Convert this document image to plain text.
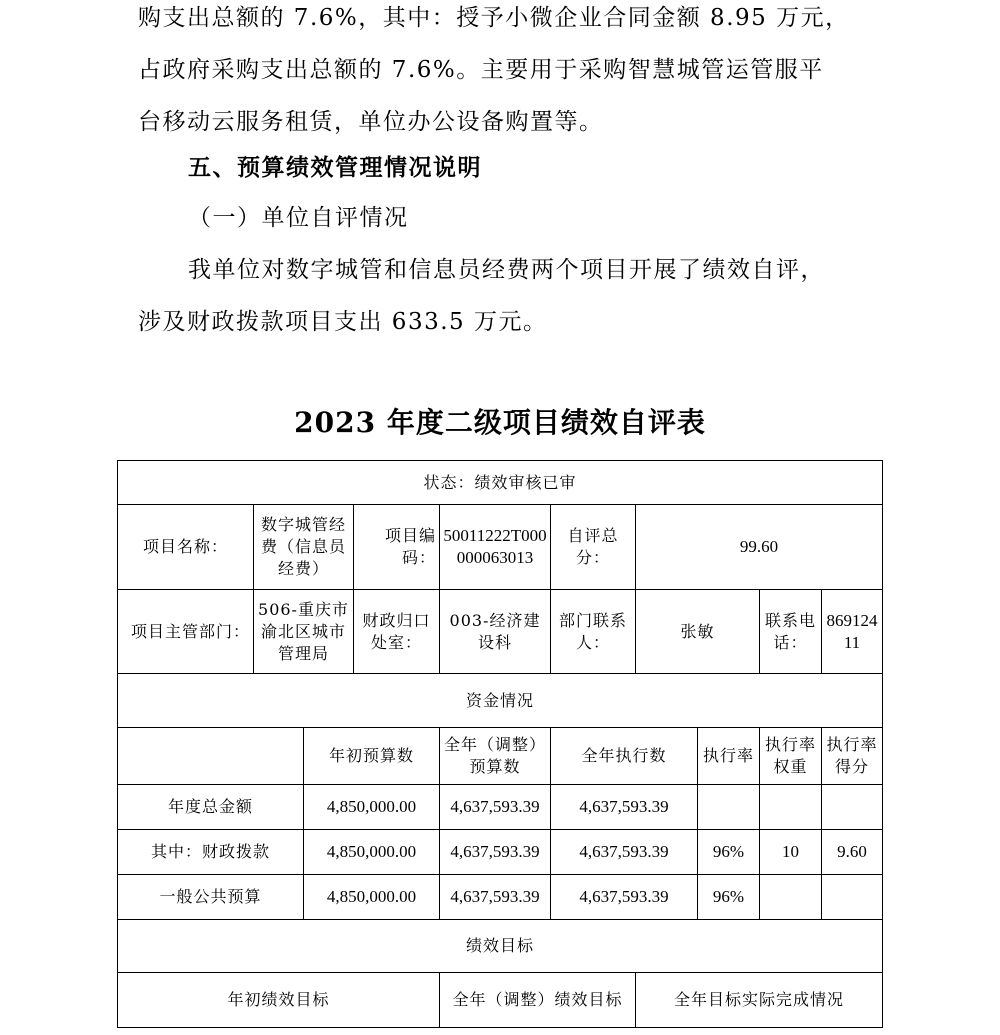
购支出总额的 7.6%，其中：授予小微企业合同金额 8.95 万元，
占政府采购支出总额的 7.6%。主要用于采购智慧城管运管服平
台移动云服务租赁，单位办公设备购置等。

五、预算绩效管理情况说明

（一）单位自评情况

我单位对数字城管和信息员经费两个项目开展了绩效自评，
涉及财政拨款项目支出 633.5 万元。

2023 年度二级项目绩效自评表
状态：绩效审核已审									
项目名称：	数字城管经费（信息员经费）		项目编码：	50011222T000000063013	自评总分：	99.60			
项目主管部门：	506-重庆市渝北区城市管理局		财政归口处室：	003-经济建设科	部门联系人：	张敏		联系电话：	86912411
资金情况									
		年初预算数		全年（调整）预算数	全年执行数		执行率	执行率权重	执行率得分
年度总金额		4,850,000.00		4,637,593.39	4,637,593.39				
其中：财政拨款		4,850,000.00		4,637,593.39	4,637,593.39		96%	10	9.60
一般公共预算		4,850,000.00		4,637,593.39	4,637,593.39		96%		
绩效目标									
年初绩效目标				全年（调整）绩效目标		全年目标实际完成情况			
